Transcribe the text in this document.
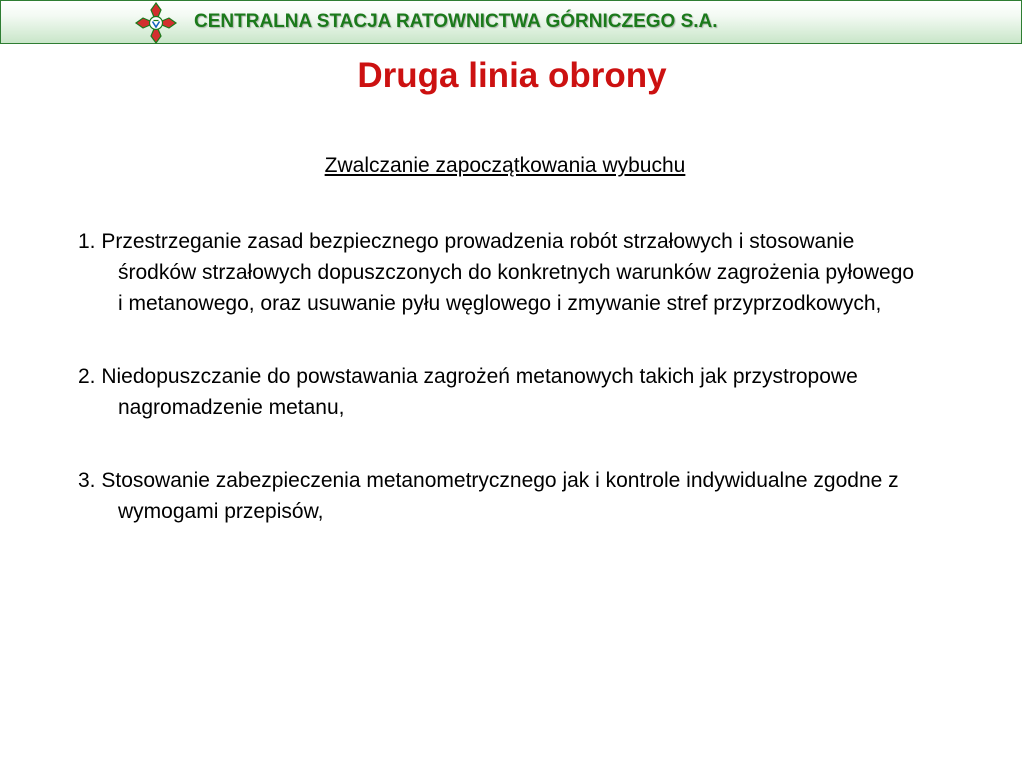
CENTRALNA STACJA RATOWNICTWA GÓRNICZEGO S.A.
Druga linia obrony
Zwalczanie zapoczątkowania wybuchu

1. Przestrzeganie zasad bezpiecznego prowadzenia robót strzałowych i stosowanie środków strzałowych dopuszczonych do konkretnych warunków zagrożenia pyłowego i metanowego, oraz usuwanie pyłu węglowego i zmywanie stref przyprzodkowych,

2. Niedopuszczanie do powstawania zagrożeń metanowych takich jak przystropowe nagromadzenie metanu,

3. Stosowanie zabezpieczenia metanometrycznego jak i kontrole indywidualne zgodne z wymogami przepisów,
